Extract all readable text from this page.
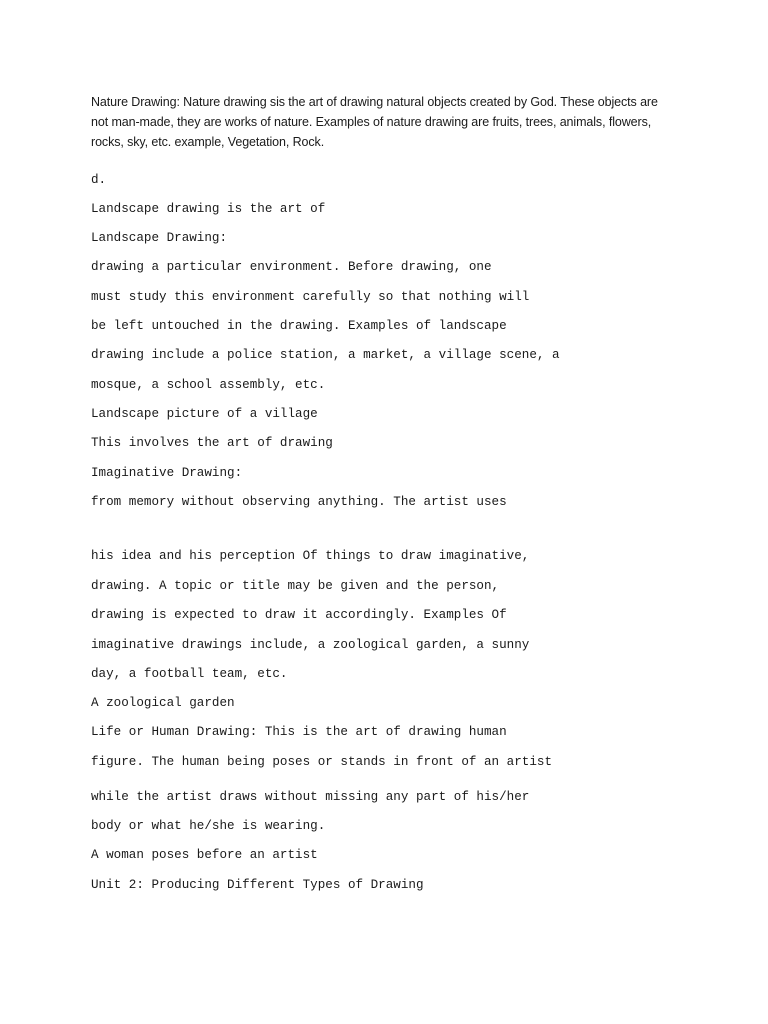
Nature Drawing: Nature drawing sis the art of drawing natural objects created by God. These objects are
not man-made, they are works of nature. Examples of nature drawing are fruits, trees, animals, flowers,
rocks, sky, etc. example, Vegetation, Rock.

d.

Landscape drawing is the art of

Landscape Drawing:

drawing a particular environment. Before drawing, one

must study this environment carefully so that nothing will

be left untouched in the drawing. Examples of landscape

drawing include a police station, a market, a village scene, a

mosque, a school assembly, etc.

Landscape picture of a village

This involves the art of drawing

Imaginative Drawing:

from memory without observing anything. The artist uses

his idea and his perception Of things to draw imaginative,

drawing. A topic or title may be given and the person,

drawing is expected to draw it accordingly. Examples Of

imaginative drawings include, a zoological garden, a sunny

day, a football team, etc.

A zoological garden

Life or Human Drawing: This is the art of drawing human

figure. The human being poses or stands in front of an artist

while the artist draws without missing any part of his/her

body or what he/she is wearing.

A woman poses before an artist

Unit 2: Producing Different Types of Drawing
